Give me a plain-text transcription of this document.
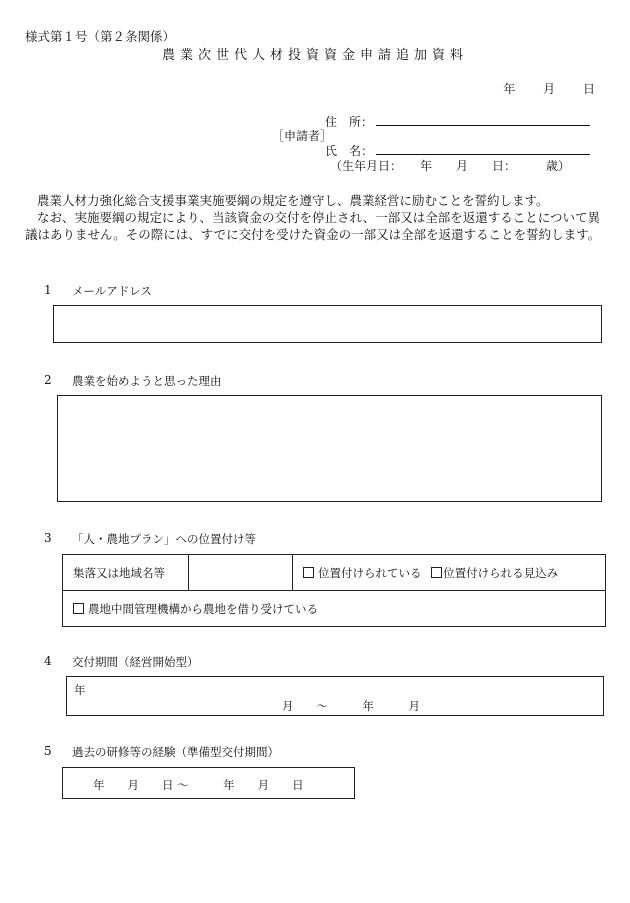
様式第１号（第２条関係）
農業次世代人材投資資金申請追加資料
年 月 日
住　所：
［申請者］
氏　名：
（生年月日：　　年　　月　　日：　　　歳）
農業人材力強化総合支援事業実施要綱の規定を遵守し、農業経営に励むことを誓約します。
なお、実施要綱の規定により、当該資金の交付を停止され、一部又は全部を返還することについて異議はありません。その際には、すでに交付を受けた資金の一部又は全部を返還することを誓約します。
1 メールアドレス
2 農業を始めようと思った理由
3 「人・農地プラン」への位置付け等
集落又は地域名等		位置付けられている 位置付けられる見込み
農地中間管理機構から農地を借り受けている
4 交付期間（経営開始型）
年
月　　～　　　年　　　月
5 過去の研修等の経験（準備型交付期間）
年　　月　　日 ～　　　年　　月　　日
